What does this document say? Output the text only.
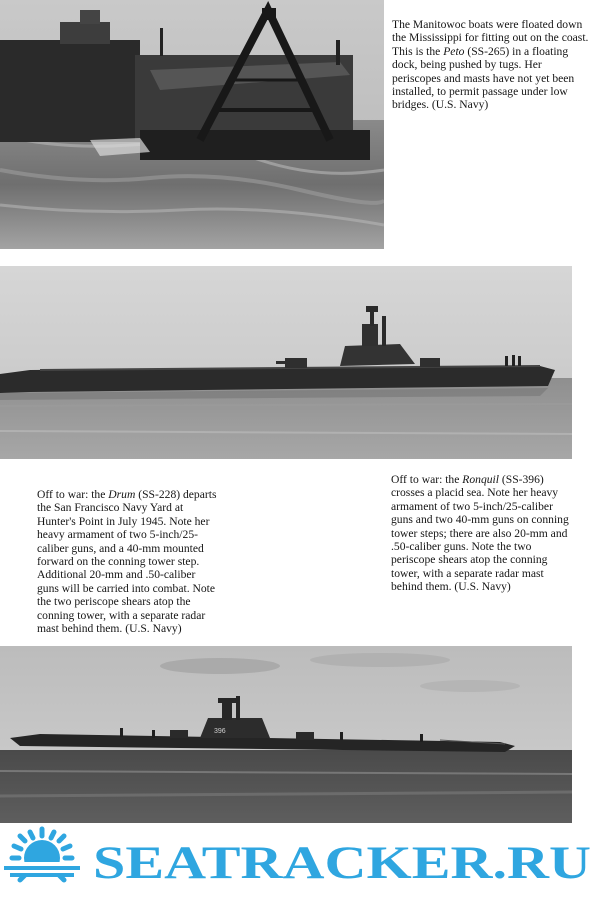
The Manitowoc boats were floated down the Mississippi for fitting out on the coast. This is the Peto (SS-265) in a floating dock, being pushed by tugs. Her periscopes and masts have not yet been installed, to permit passage under low bridges. (U.S. Navy)

Off to war: the Ronquil (SS-396) crosses a placid sea. Note her heavy armament of two 5-inch/25-caliber guns and two 40-mm guns on conning tower steps; there are also 20-mm and .50-caliber guns. Note the two periscope shears atop the conning tower, with a separate radar mast behind them. (U.S. Navy)

Off to war: the Drum (SS-228) departs the San Francisco Navy Yard at Hunter's Point in July 1945. Note her heavy armament of two 5-inch/25-caliber guns, and a 40-mm mounted forward on the conning tower step. Additional 20-mm and .50-caliber guns will be carried into combat. Note the two periscope shears atop the conning tower, with a separate radar mast behind them. (U.S. Navy)

396
SEATRACKER.RU
